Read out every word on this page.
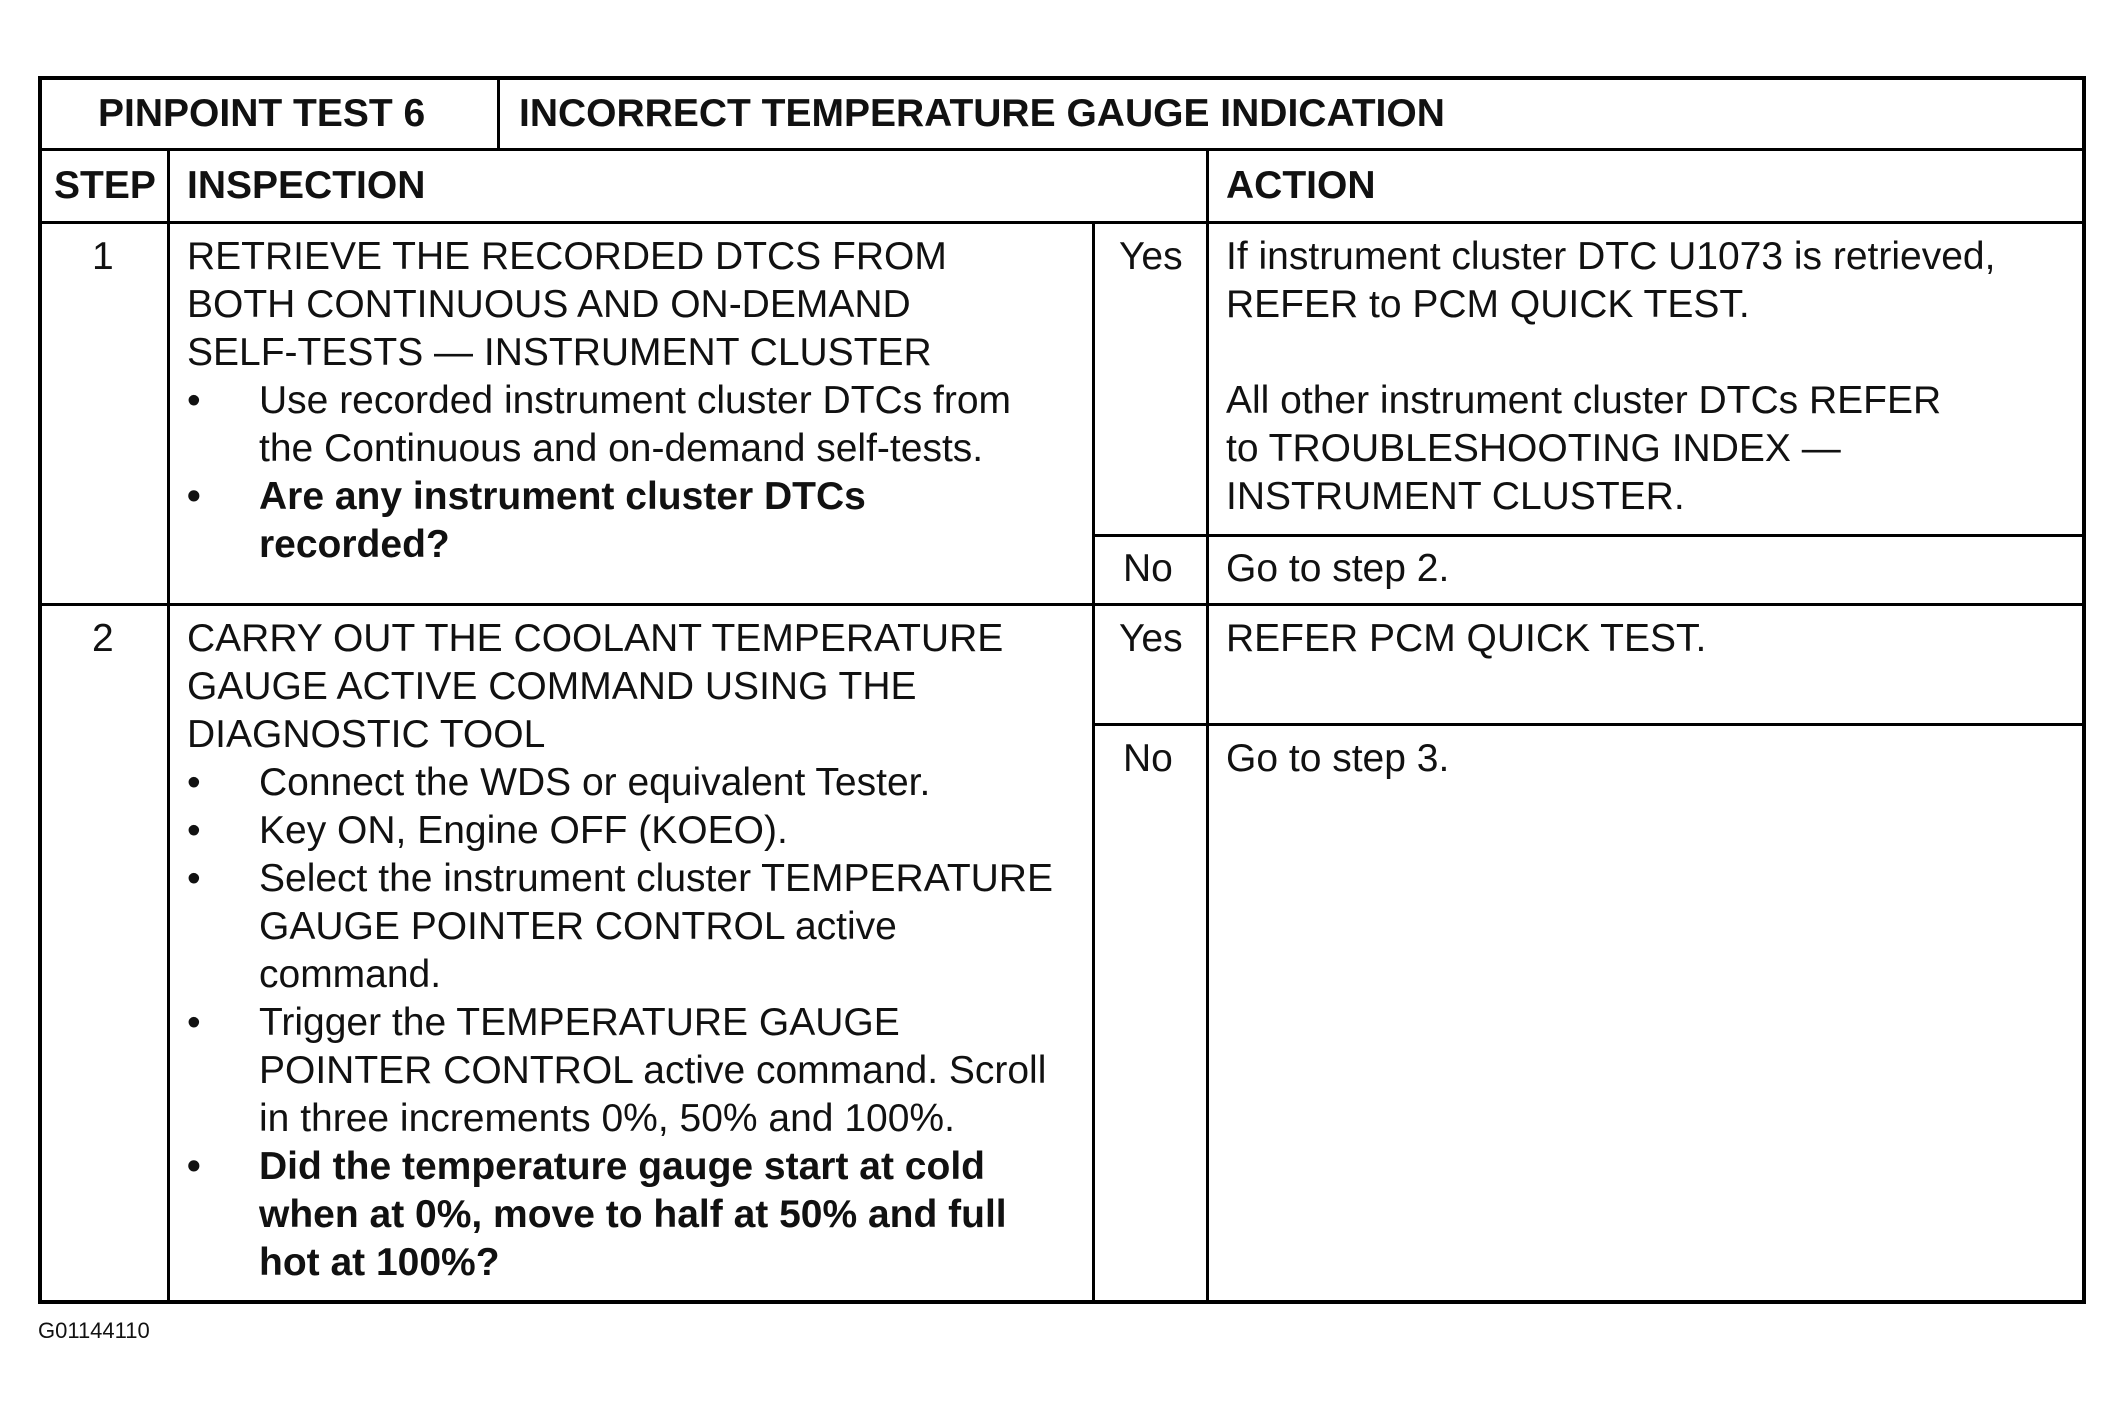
PINPOINT TEST 6 INCORRECT TEMPERATURE GAUGE INDICATION
STEP INSPECTION	ACTION
1 RETRIEVE THE RECORDED DTCS FROM
BOTH CONTINUOUS AND ON-DEMAND
SELF-TESTS — INSTRUMENT CLUSTER
• Use recorded instrument cluster DTCs from
the Continuous and on-demand self-tests.
• Are any instrument cluster DTCs
recorded?
Yes If instrument cluster DTC U1073 is retrieved,
REFER to PCM QUICK TEST.
All other instrument cluster DTCs REFER
to TROUBLESHOOTING INDEX —
INSTRUMENT CLUSTER.
No Go to step 2.
2 CARRY OUT THE COOLANT TEMPERATURE
GAUGE ACTIVE COMMAND USING THE
DIAGNOSTIC TOOL
• Connect the WDS or equivalent Tester.
• Key ON, Engine OFF (KOEO).
• Select the instrument cluster TEMPERATURE
GAUGE POINTER CONTROL active
command.
• Trigger the TEMPERATURE GAUGE
POINTER CONTROL active command. Scroll
in three increments 0%, 50% and 100%.
• Did the temperature gauge start at cold
when at 0%, move to half at 50% and full
hot at 100%?
Yes REFER PCM QUICK TEST.
No Go to step 3.
G01144110
